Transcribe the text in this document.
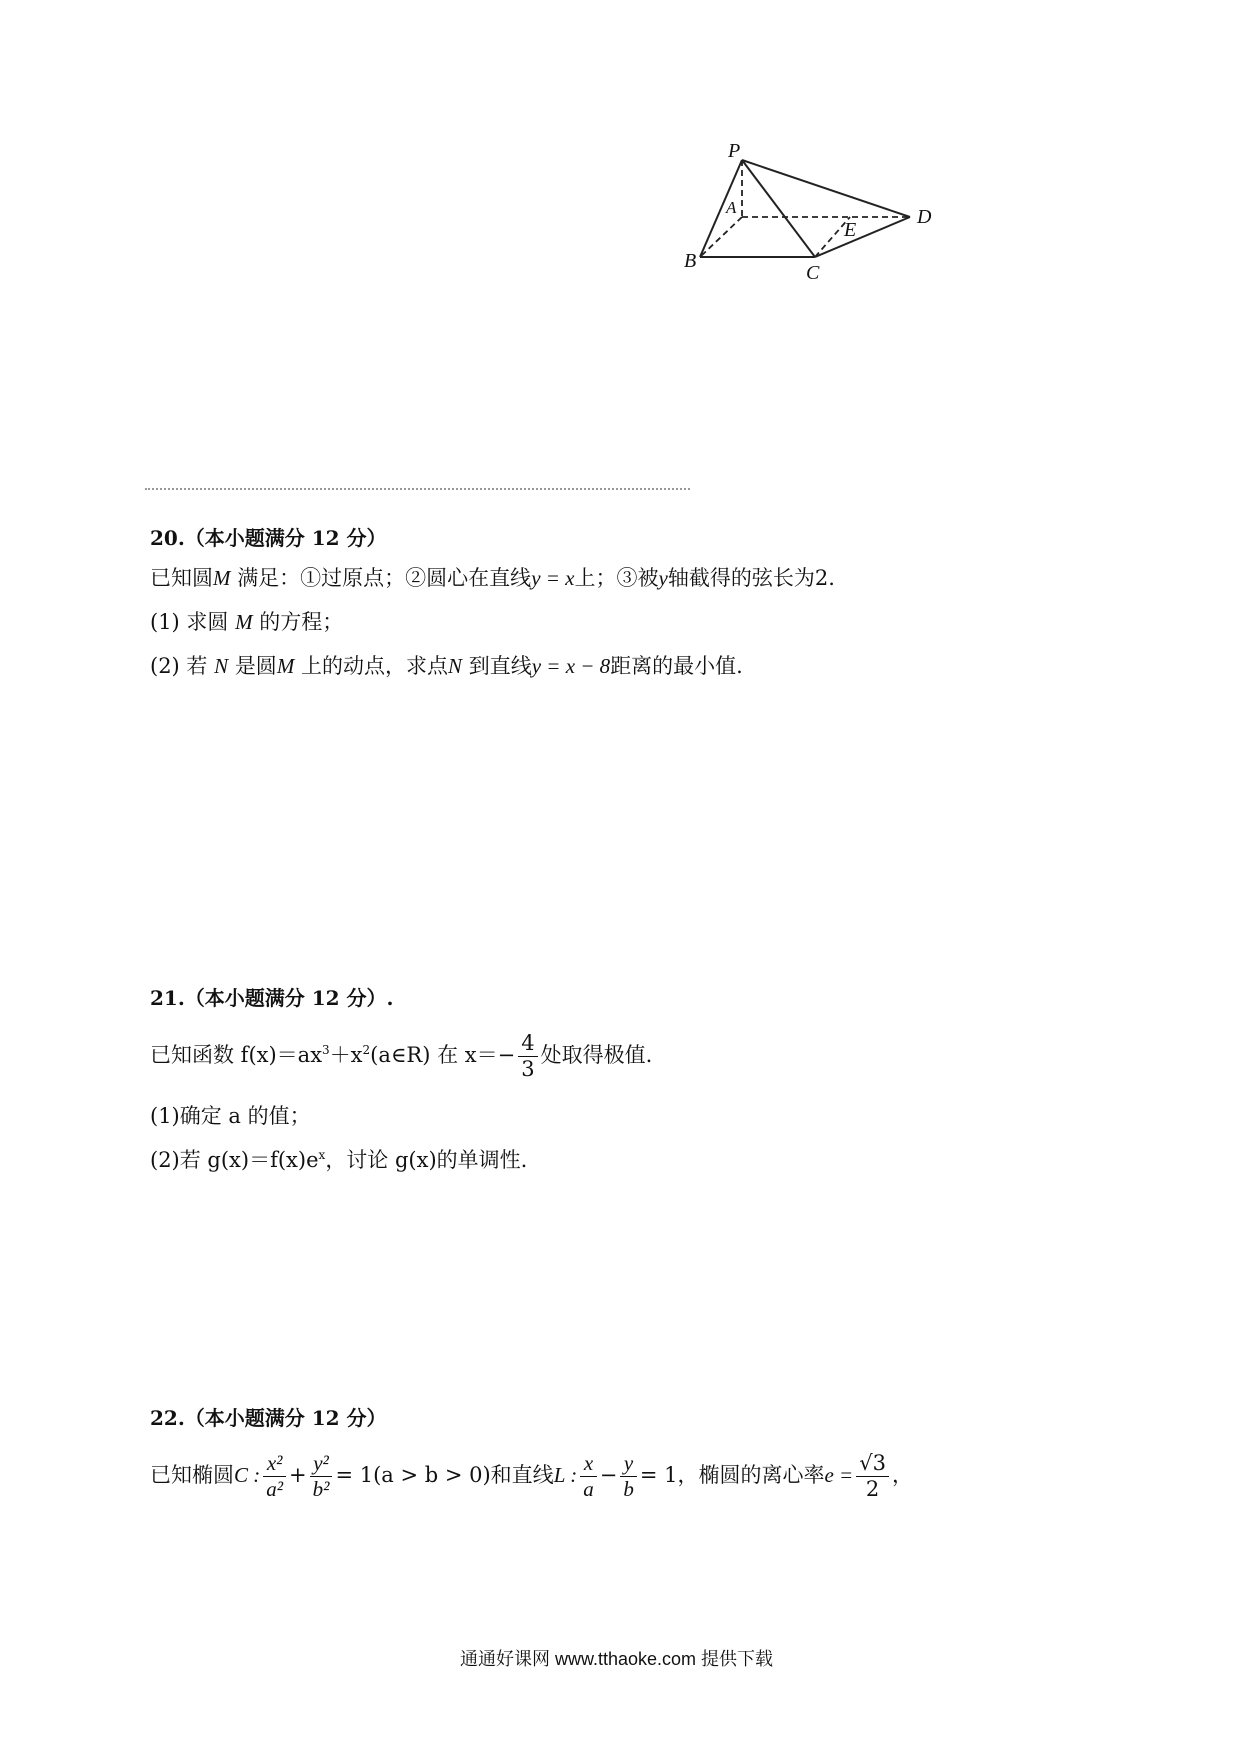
P
A
B
C
D
E
20.（本小题满分 12 分）
已知圆M 满足：①过原点；②圆心在直线y = x上；③被y轴截得的弦长为2.
(1) 求圆 M 的方程；
(2) 若 N 是圆M 上的动点，求点N 到直线y = x − 8距离的最小值.
21.（本小题满分 12 分）.
已知函数 $f(x)=ax^3+x^2(a\in R)$ 在 $x=- \frac{4}{3}$ 处取得极值.
(1)确定 a 的值；
(2)若 $g(x)=f(x)e^x$，讨论 g(x)的单调性.
22.（本小题满分 12 分）
已知椭圆C : $\frac{\text{x²}}{\text{a²}} + \frac{\text{y²}}{\text{b²}} = 1(a > b > 0)$和直线L : $\frac{x}{a} - \frac{y}{b} = 1$，椭圆的离心率$e = \frac{√3}{2}$ ，
通通好课网 www.tthaoke.com 提供下载
